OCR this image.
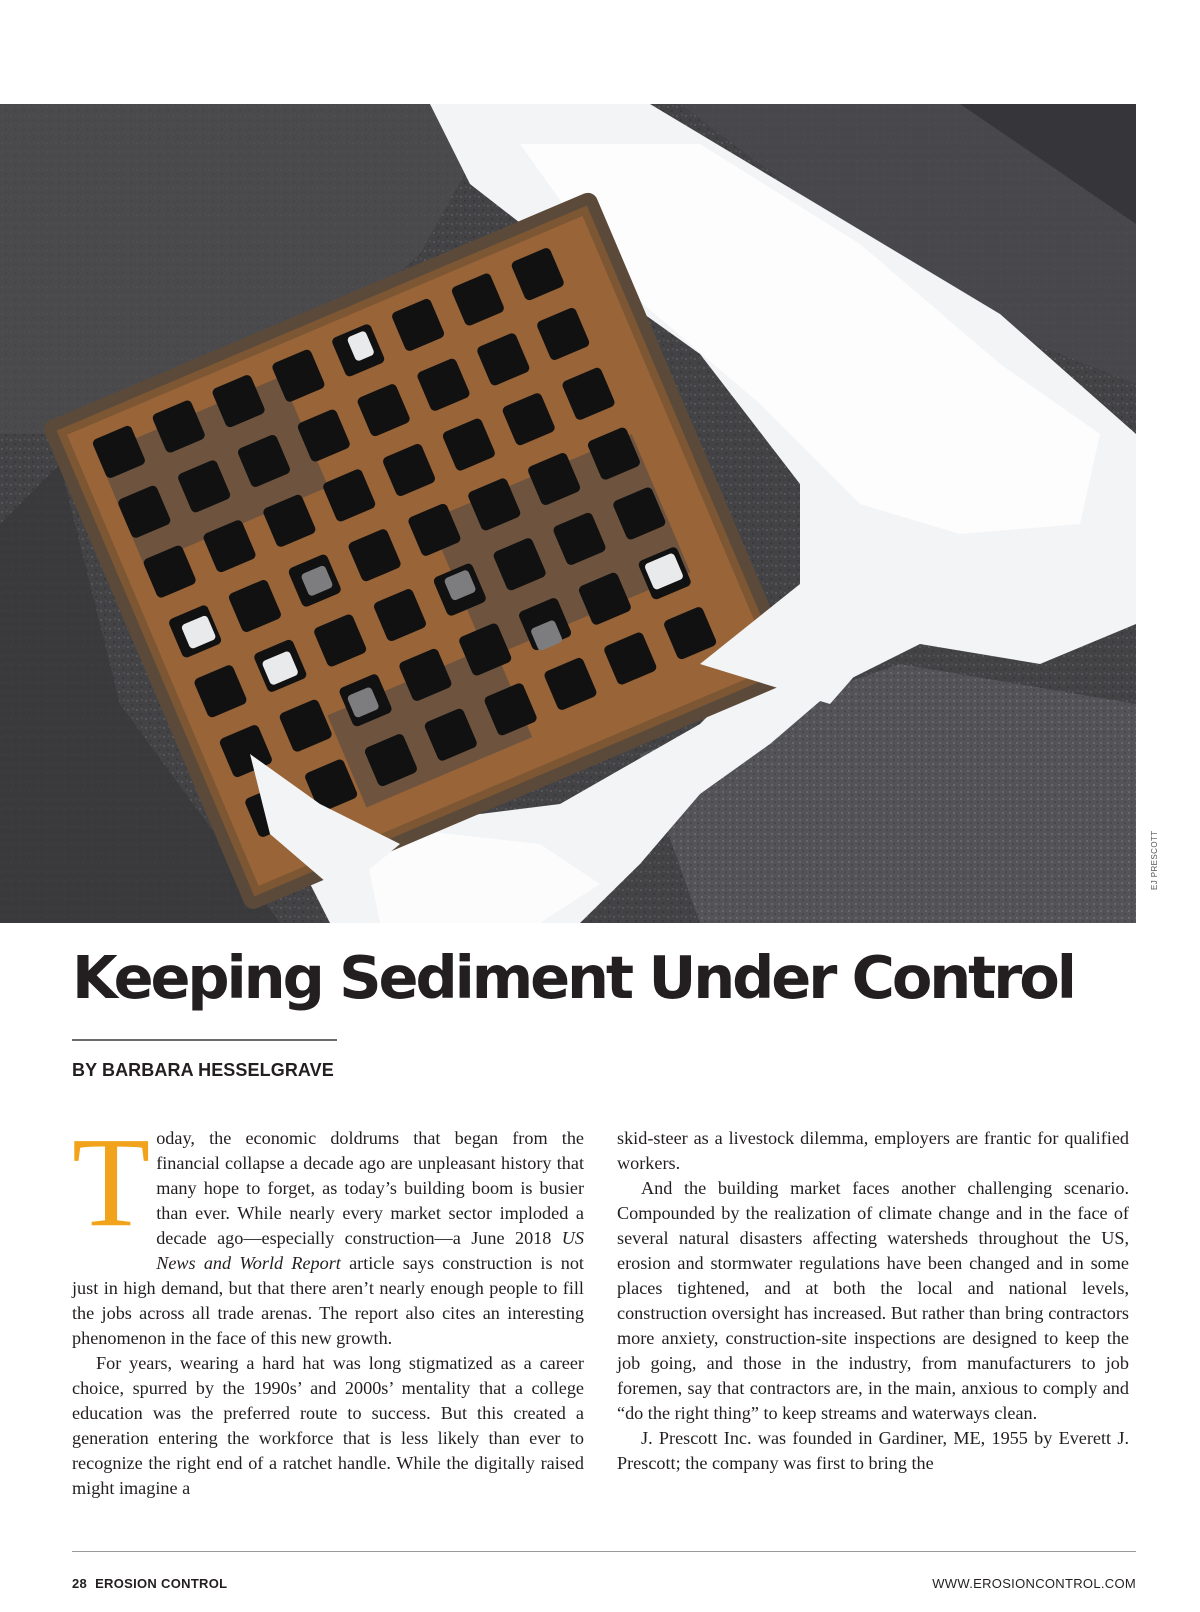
EJ PRESCOTT
Keeping Sediment Under Control

BY BARBARA HESSELGRAVE

Today, the economic doldrums that began from the financial collapse a decade ago are unpleasant history that many hope to forget, as today’s building boom is busier than ever. While nearly every market sector imploded a decade ago—especially construction—a June 2018 US News and World Report article says construction is not just in high demand, but that there aren’t nearly enough people to fill the jobs across all trade arenas. The report also cites an interesting phenomenon in the face of this new growth.

For years, wearing a hard hat was long stigmatized as a career choice, spurred by the 1990s’ and 2000s’ mentality that a college education was the preferred route to success. But this created a generation entering the workforce that is less likely than ever to recognize the right end of a ratchet handle. While the digitally raised might imagine a

skid-steer as a livestock dilemma, employers are frantic for qualified workers.

And the building market faces another challenging scenario. Compounded by the realization of climate change and in the face of several natural disasters affecting watersheds throughout the US, erosion and stormwater regulations have been changed and in some places tightened, and at both the local and national levels, construction oversight has increased. But rather than bring contractors more anxiety, construction-site inspections are designed to keep the job going, and those in the industry, from manufacturers to job foremen, say that contractors are, in the main, anxious to comply and “do the right thing” to keep streams and waterways clean.

J. Prescott Inc. was founded in Gardiner, ME, 1955 by Everett J. Prescott; the company was first to bring the

28 EROSION CONTROL	WWW.EROSIONCONTROL.COM
